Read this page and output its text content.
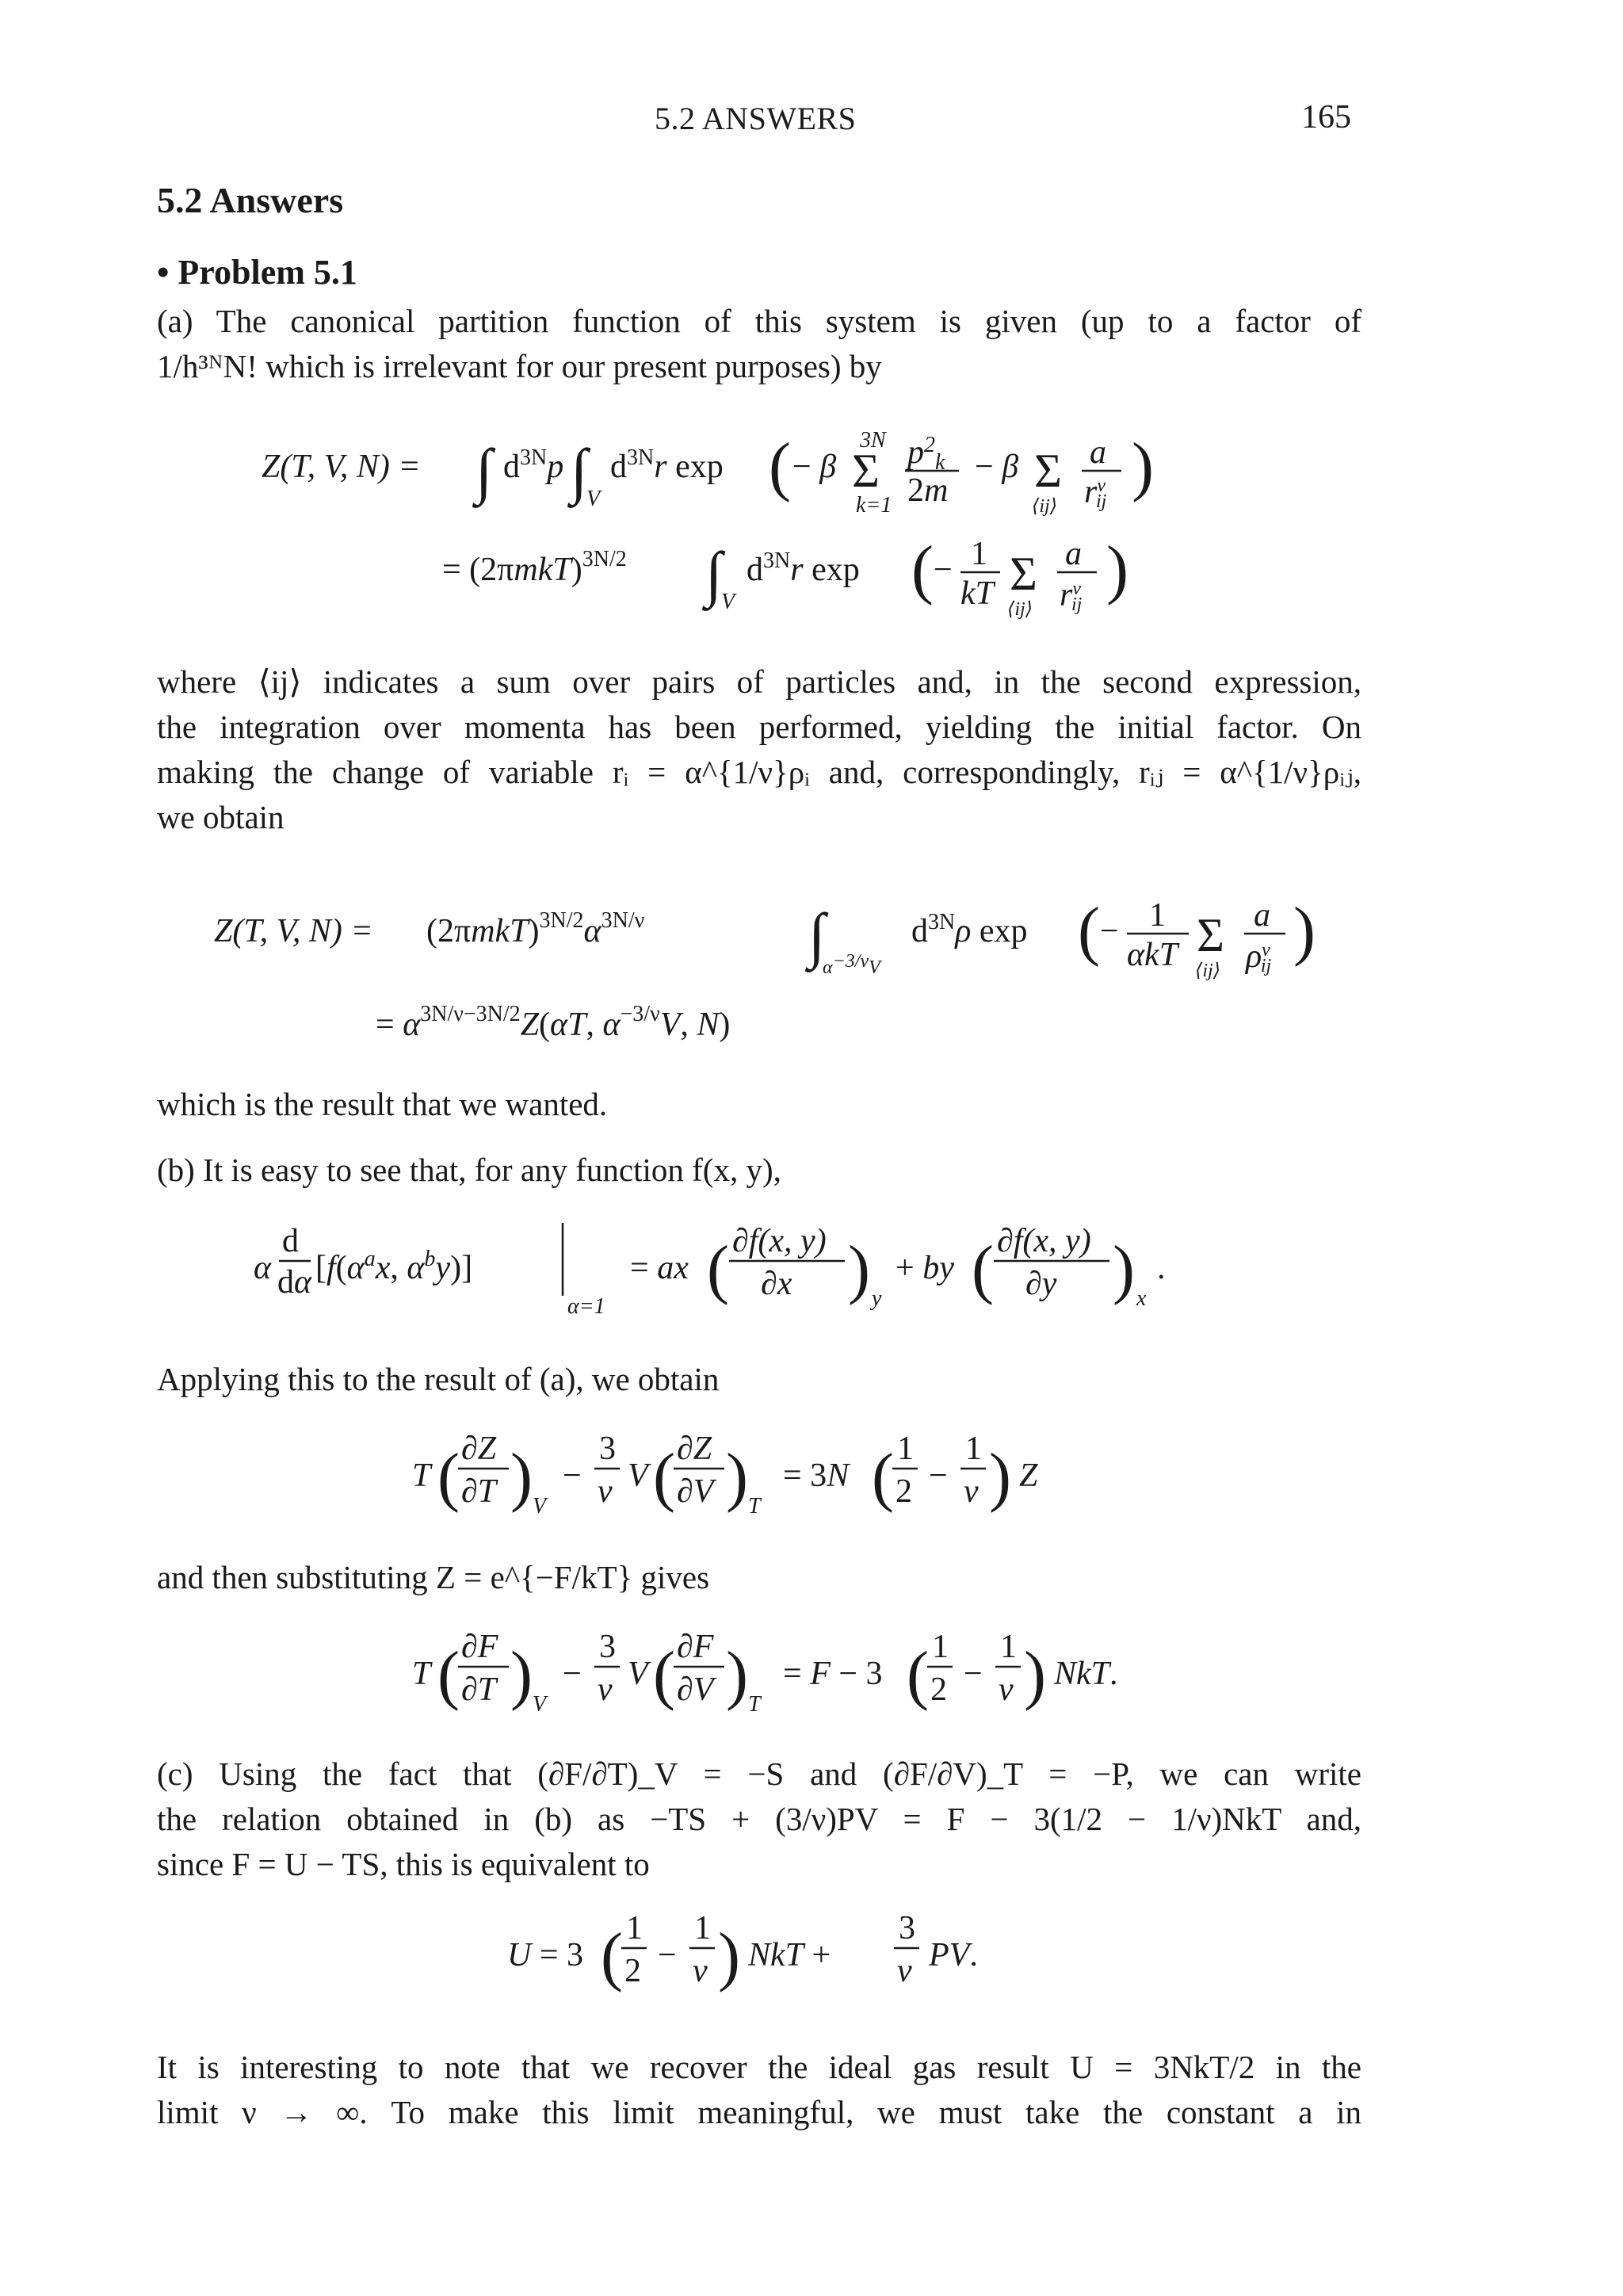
5.2 ANSWERS	165
5.2 Answers
• Problem 5.1
(a) The canonical partition function of this system is given (up to a factor of
1/h³ᴺN! which is irrelevant for our present purposes) by
Z(T, V, N) = ∫ $d^{3N}p$ ∫
V
$d^{3N}r$ exp ( − β Σ
3N
k=1
$p^2_k$
2m
− β Σ
⟨ij⟩
a
$r^\nu$ ij )
= $(2\pi mkT)^{3N/2}$ ∫
V
$d^{3N}r$ exp ( − 1
kT Σ
⟨ij⟩
a
$r^\nu$ ij )
where ⟨ij⟩ indicates a sum over pairs of particles and, in the second expression,
the integration over momenta has been performed, yielding the initial factor. On
making the change of variable rᵢ = α^{1/ν}ρᵢ and, correspondingly, rᵢⱼ = α^{1/ν}ρᵢⱼ,
we obtain
Z(T, V, $N) = (2\pi mkT)^{3N/2}\alpha^{3N/\nu}$	∫
α−3/νV
$d^{3N}\rho$ exp ( − 1
αkT Σ
⟨ij⟩
a
$\rho^\nu$ ij )
= $\alpha^{3N/\nu-3N/2}Z(\alpha T$, $\alpha^{-3/\nu}V$, N)
which is the result that we wanted.
(b) It is easy to see that, for any function f(x, y),
α
d
dα [$f(\alpha^ax$, $\alpha^by$)]
α=1
= ax ( ∂f(x, y)
∂x ) y
+ by ( ∂f(x, y)
∂y ) x
.
Applying this to the result of (a), we obtain
T ( ∂Z
∂T ) V
−
3
ν V ( ∂Z
∂V ) T
= 3N ( 1
2 −
1
ν ) Z
and then substituting Z = e^{−F/kT} gives
T ( ∂F
∂T ) V
−
3
ν V ( ∂F
∂V ) T
= F − 3 ( 1
2 −
1
ν ) NkT.
(c) Using the fact that (∂F/∂T)_V = −S and (∂F/∂V)_T = −P, we can write
the relation obtained in (b) as −TS + (3/ν)PV = F − 3(1/2 − 1/ν)NkT and,
since F = U − TS, this is equivalent to
U = 3 ( 1
2 −
1
ν ) NkT +
3
ν PV.
It is interesting to note that we recover the ideal gas result U = 3NkT/2 in the
limit ν → ∞. To make this limit meaningful, we must take the constant a in
